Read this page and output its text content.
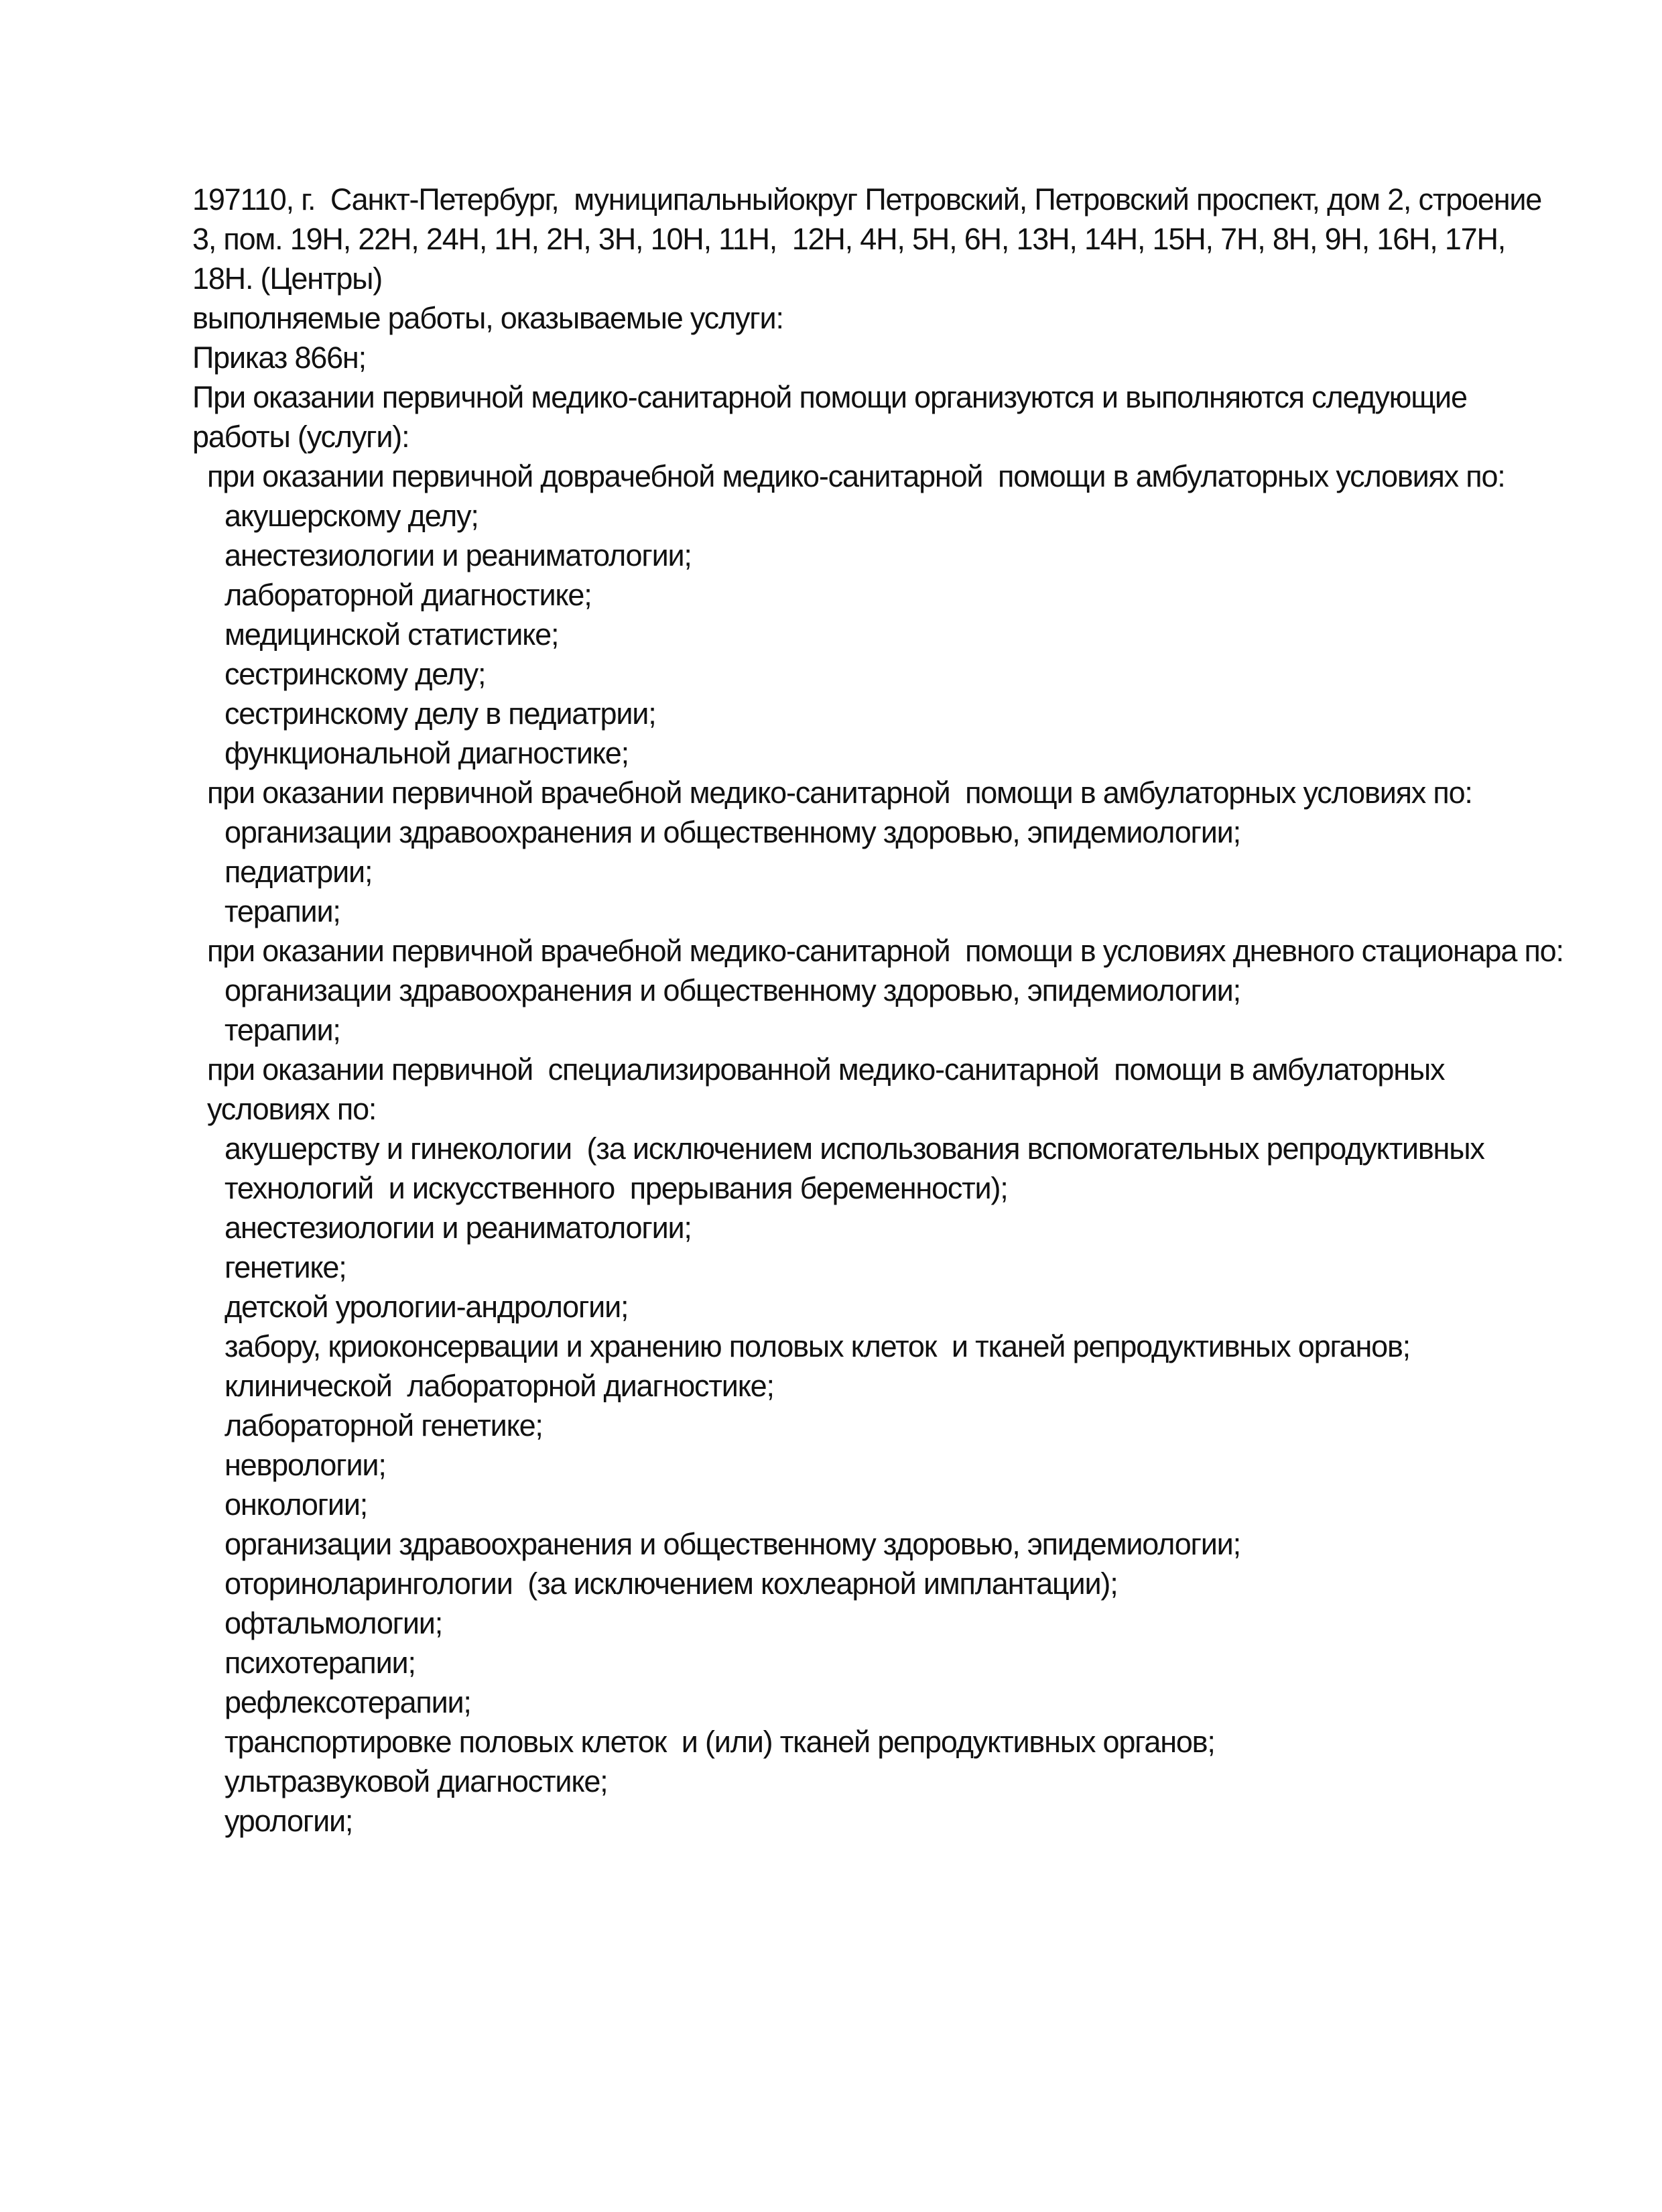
197110, г.  Санкт-Петербург,  муниципальныйокруг Петровский, Петровский проспект, дом 2, строение 3, пом. 19Н, 22Н, 24Н, 1Н, 2Н, 3Н, 10Н, 11Н,  12Н, 4Н, 5Н, 6Н, 13Н, 14Н, 15Н, 7Н, 8Н, 9Н, 16Н, 17Н, 18Н. (Центры)

выполняемые работы, оказываемые услуги:

Приказ 866н;

При оказании первичной медико-санитарной помощи организуются и выполняются следующие работы (услуги):

при оказании первичной доврачебной медико-санитарной  помощи в амбулаторных условиях по:

акушерскому делу;

анестезиологии и реаниматологии;

лабораторной диагностике;

медицинской статистике;

сестринскому делу;

сестринскому делу в педиатрии;

функциональной диагностике;

при оказании первичной врачебной медико-санитарной  помощи в амбулаторных условиях по:

организации здравоохранения и общественному здоровью, эпидемиологии;

педиатрии;

терапии;

при оказании первичной врачебной медико-санитарной  помощи в условиях дневного стационара по:

организации здравоохранения и общественному здоровью, эпидемиологии;

терапии;

при оказании первичной  специализированной медико-санитарной  помощи в амбулаторных условиях по:

акушерству и гинекологии  (за исключением использования вспомогательных репродуктивных технологий  и искусственного  прерывания беременности);

анестезиологии и реаниматологии;

генетике;

детской урологии-андрологии;

забору, криоконсервации и хранению половых клеток  и тканей репродуктивных органов;

клинической  лабораторной диагностике;

лабораторной генетике;

неврологии;

онкологии;

организации здравоохранения и общественному здоровью, эпидемиологии;

оториноларингологии  (за исключением кохлеарной имплантации);

офтальмологии;

психотерапии;

рефлексотерапии;

транспортировке половых клеток  и (или) тканей репродуктивных органов;

ультразвуковой диагностике;

урологии;
